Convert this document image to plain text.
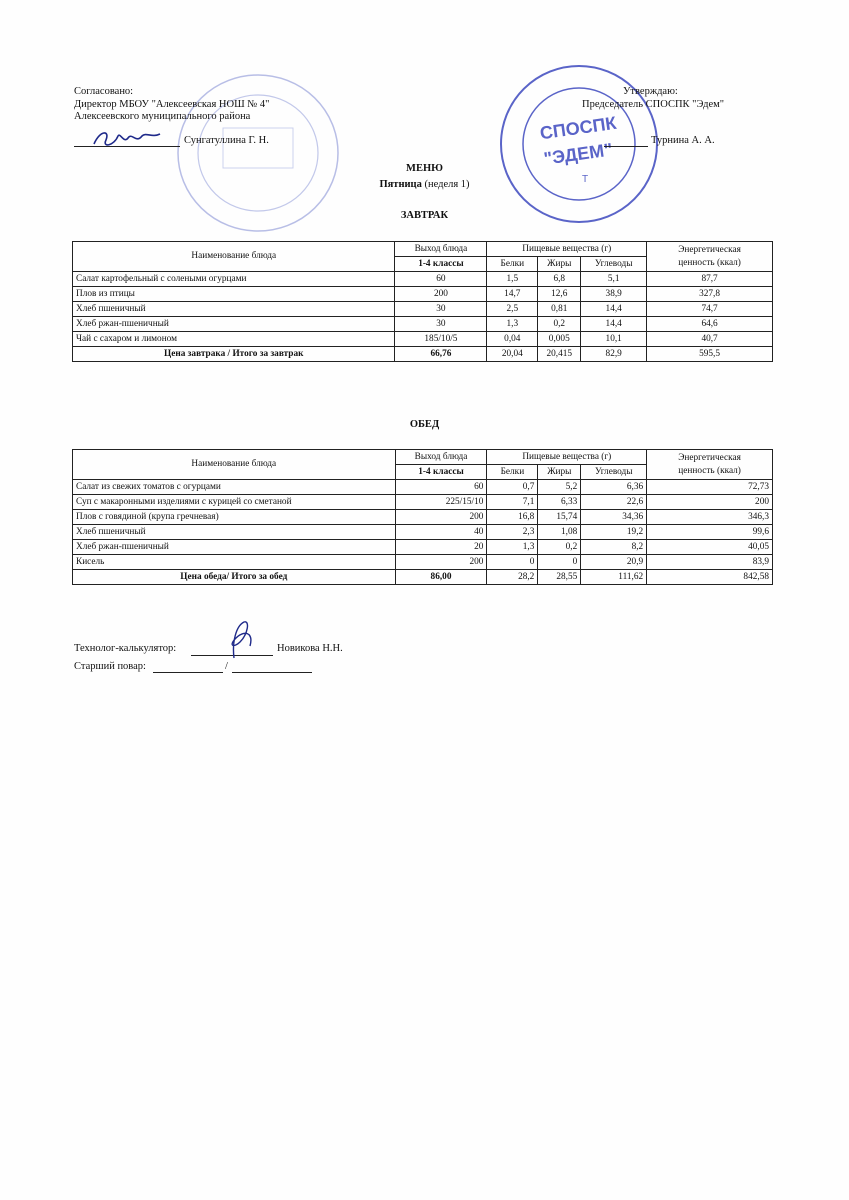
СПОСПК
"ЭДЕМ"
Т
Согласовано:
Директор МБОУ "Алексеевская НОШ № 4"
Алексеевского муниципального района
Сунгатуллина Г. Н.
Утверждаю:
Председатель СПОСПК "Эдем"
Турнина А. А.
МЕНЮ
Пятница (неделя 1)
ЗАВТРАК
Наименование блюда	Выход блюда	Пищевые вещества (г)			Энергетическая
ценность (ккал)

	1-4 классы	Белки	Жиры	Углеводы	
Салат картофельный с солеными огурцами	60	1,5	6,8	5,1	87,7
Плов из птицы	200	14,7	12,6	38,9	327,8
Хлеб пшеничный	30	2,5	0,81	14,4	74,7
Хлеб ржан-пшеничный	30	1,3	0,2	14,4	64,6
Чай с сахаром и лимоном	185/10/5	0,04	0,005	10,1	40,7
Цена завтрака / Итого за завтрак	66,76	20,04	20,415	82,9	595,5
ОБЕД
Наименование блюда	Выход блюда	Пищевые вещества (г)			Энергетическая
ценность (ккал)

	1-4 классы	Белки	Жиры	Углеводы	
Салат из свежих томатов с огурцами	60	0,7	5,2	6,36	72,73
Суп с макаронными изделиями с курицей со сметаной	225/15/10	7,1	6,33	22,6	200
Плов с говядиной (крупа гречневая)	200	16,8	15,74	34,36	346,3
Хлеб пшеничный	40	2,3	1,08	19,2	99,6
Хлеб ржан-пшеничный	20	1,3	0,2	8,2	40,05
Кисель	200	0	0	20,9	83,9
Цена обеда/ Итого за обед	86,00	28,2	28,55	111,62	842,58
Технолог-калькулятор:	Новикова Н.Н.
Старший повар:	/
